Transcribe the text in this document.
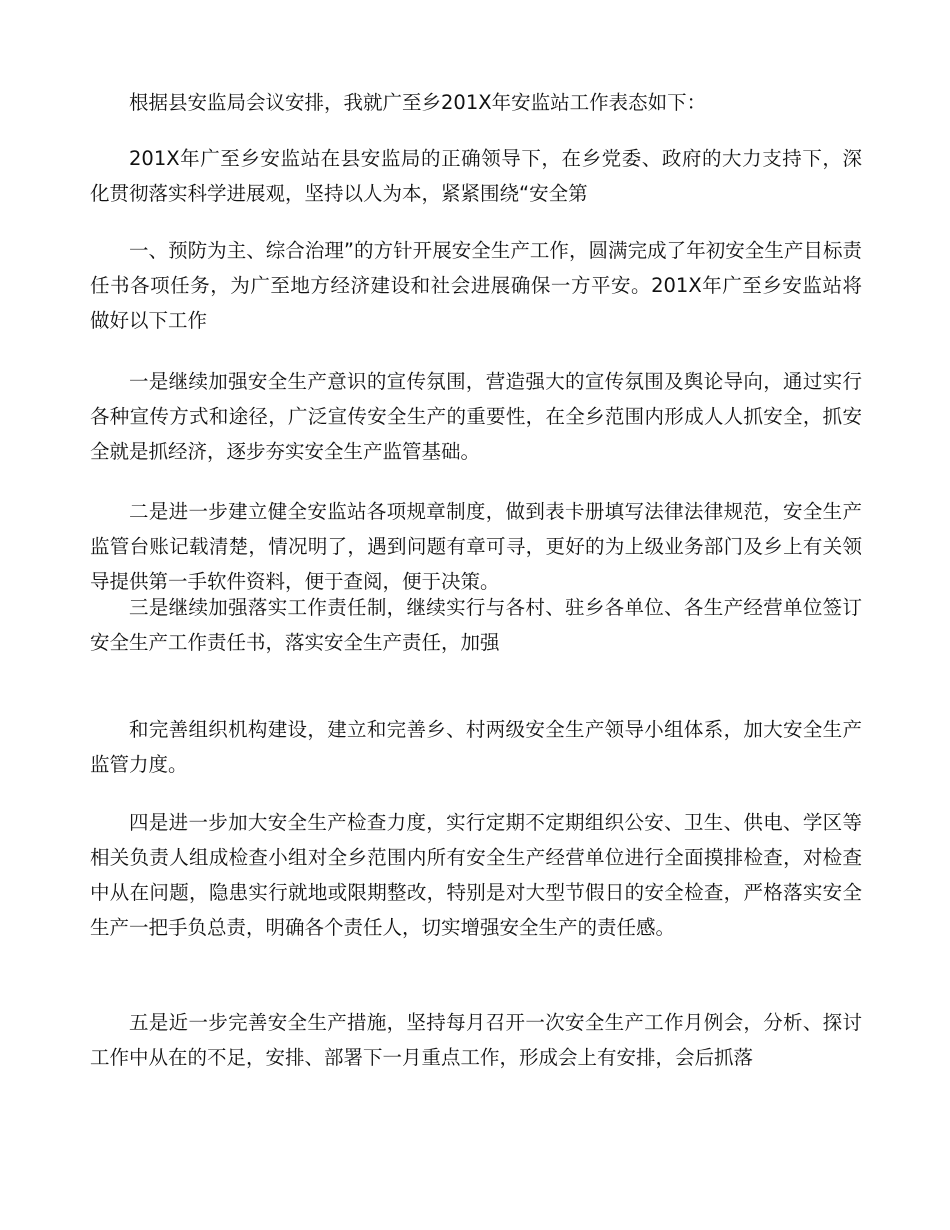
根据县安监局会议安排，我就广至乡201X年安监站工作表态如下：

201X年广至乡安监站在县安监局的正确领导下，在乡党委、政府的大力支持下，深化贯彻落实科学进展观，坚持以人为本，紧紧围绕“安全第

一、预防为主、综合治理”的方针开展安全生产工作，圆满完成了年初安全生产目标责任书各项任务，为广至地方经济建设和社会进展确保一方平安。201X年广至乡安监站将做好以下工作

一是继续加强安全生产意识的宣传氛围，营造强大的宣传氛围及舆论导向，通过实行各种宣传方式和途径，广泛宣传安全生产的重要性，在全乡范围内形成人人抓安全，抓安全就是抓经济，逐步夯实安全生产监管基础。

二是进一步建立健全安监站各项规章制度，做到表卡册填写法律法律规范，安全生产监管台账记载清楚，情况明了，遇到问题有章可寻，更好的为上级业务部门及乡上有关领导提供第一手软件资料，便于查阅，便于决策。

三是继续加强落实工作责任制，继续实行与各村、驻乡各单位、各生产经营单位签订安全生产工作责任书，落实安全生产责任，加强

和完善组织机构建设，建立和完善乡、村两级安全生产领导小组体系，加大安全生产监管力度。

四是进一步加大安全生产检查力度，实行定期不定期组织公安、卫生、供电、学区等相关负责人组成检查小组对全乡范围内所有安全生产经营单位进行全面摸排检查，对检查中从在问题，隐患实行就地或限期整改，特别是对大型节假日的安全检查，严格落实安全生产一把手负总责，明确各个责任人，切实增强安全生产的责任感。

五是近一步完善安全生产措施，坚持每月召开一次安全生产工作月例会，分析、探讨工作中从在的不足，安排、部署下一月重点工作，形成会上有安排，会后抓落
